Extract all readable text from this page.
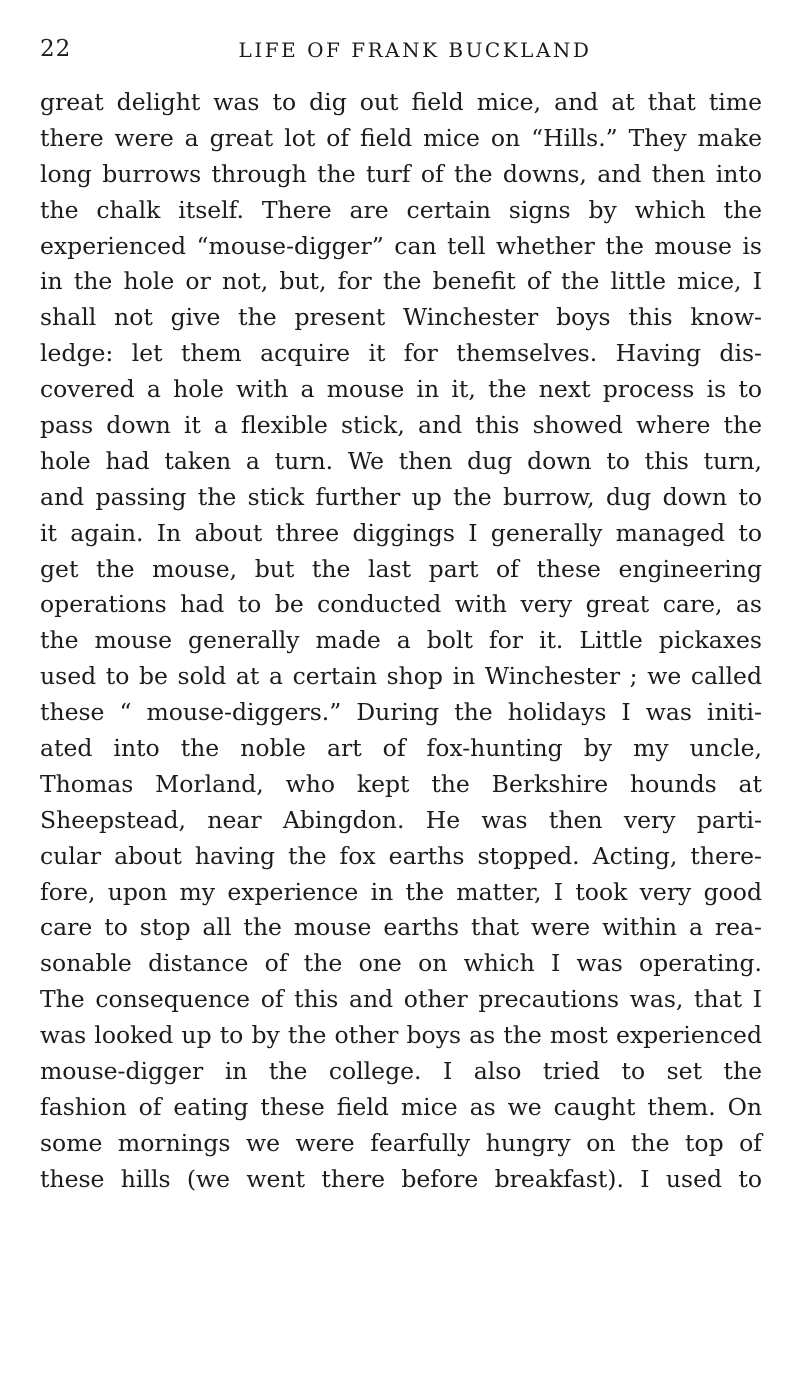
22	LIFE OF FRANK BUCKLAND
great delight was to dig out field mice, and at that time
there were a great lot of field mice on “Hills.” They make
long burrows through the turf of the downs, and then into
the chalk itself. There are certain signs by which the
experienced “mouse-digger” can tell whether the mouse is
in the hole or not, but, for the benefit of the little mice, I
shall not give the present Winchester boys this know-
ledge: let them acquire it for themselves. Having dis-
covered a hole with a mouse in it, the next process is to
pass down it a flexible stick, and this showed where the
hole had taken a turn. We then dug down to this turn,
and passing the stick further up the burrow, dug down to
it again. In about three diggings I generally managed to
get the mouse, but the last part of these engineering
operations had to be conducted with very great care, as
the mouse generally made a bolt for it. Little pickaxes
used to be sold at a certain shop in Winchester ; we called
these “ mouse-diggers.” During the holidays I was initi-
ated into the noble art of fox-hunting by my uncle,
Thomas Morland, who kept the Berkshire hounds at
Sheepstead, near Abingdon. He was then very parti-
cular about having the fox earths stopped. Acting, there-
fore, upon my experience in the matter, I took very good
care to stop all the mouse earths that were within a rea-
sonable distance of the one on which I was operating.
The consequence of this and other precautions was, that I
was looked up to by the other boys as the most experienced
mouse-digger in the college. I also tried to set the
fashion of eating these field mice as we caught them. On
some mornings we were fearfully hungry on the top of
these hills (we went there before breakfast). I used to
